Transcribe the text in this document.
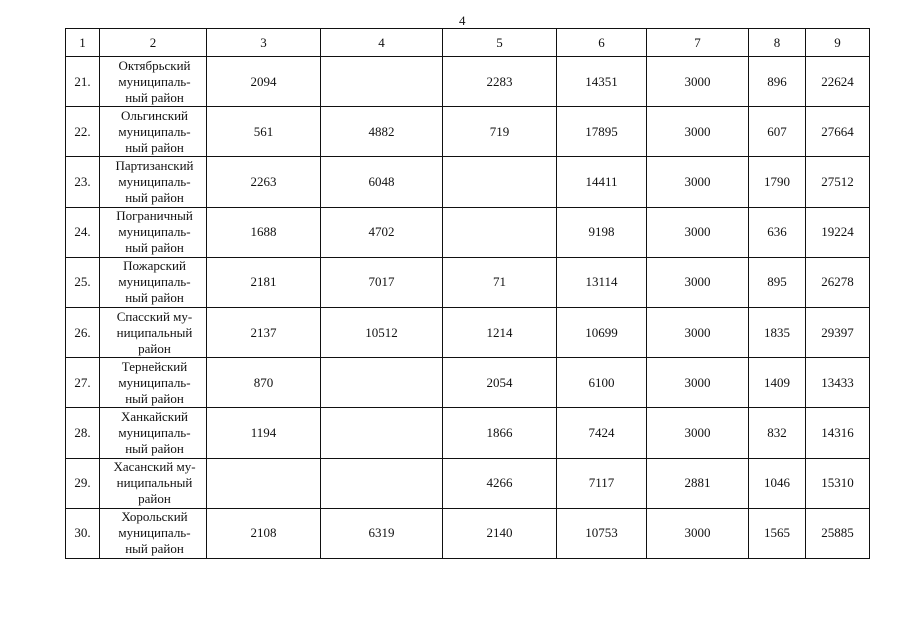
4
1	2	3	4	5	6	7	8	9
21.	Октябрьский
муниципаль-
ный район	2094		2283	14351	3000	896	22624
22.	Ольгинский
муниципаль-
ный район	561	4882	719	17895	3000	607	27664
23.	Партизанский
муниципаль-
ный район	2263	6048		14411	3000	1790	27512
24.	Пограничный
муниципаль-
ный район	1688	4702		9198	3000	636	19224
25.	Пожарский
муниципаль-
ный район	2181	7017	71	13114	3000	895	26278
26.	Спасский му-
ниципальный
район	2137	10512	1214	10699	3000	1835	29397
27.	Тернейский
муниципаль-
ный район	870		2054	6100	3000	1409	13433
28.	Ханкайский
муниципаль-
ный район	1194		1866	7424	3000	832	14316
29.	Хасанский му-
ниципальный
район			4266	7117	2881	1046	15310
30.	Хорольский
муниципаль-
ный район	2108	6319	2140	10753	3000	1565	25885
